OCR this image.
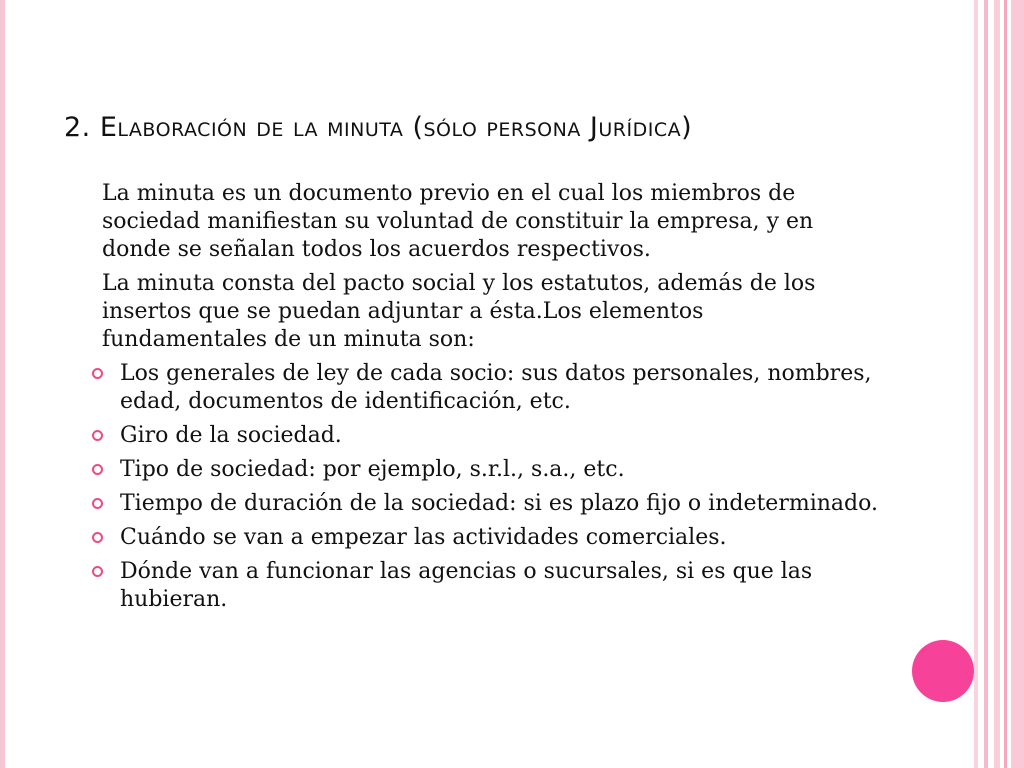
2. Elaboración de la minuta (sólo persona Jurídica)
La minuta es un documento previo en el cual los miembros de sociedad manifiestan su voluntad de constituir la empresa, y en donde se señalan todos los acuerdos respectivos.
La minuta consta del pacto social y los estatutos, además de los insertos que se puedan adjuntar a ésta.Los elementos fundamentales de un minuta son:
Los generales de ley de cada socio: sus datos personales, nombres, edad, documentos de identificación, etc.
Giro de la sociedad.
Tipo de sociedad: por ejemplo, s.r.l., s.a., etc.
Tiempo de duración de la sociedad: si es plazo fijo o indeterminado.
Cuándo se van a empezar las actividades comerciales.
Dónde van a funcionar las agencias o sucursales, si es que las hubieran.
